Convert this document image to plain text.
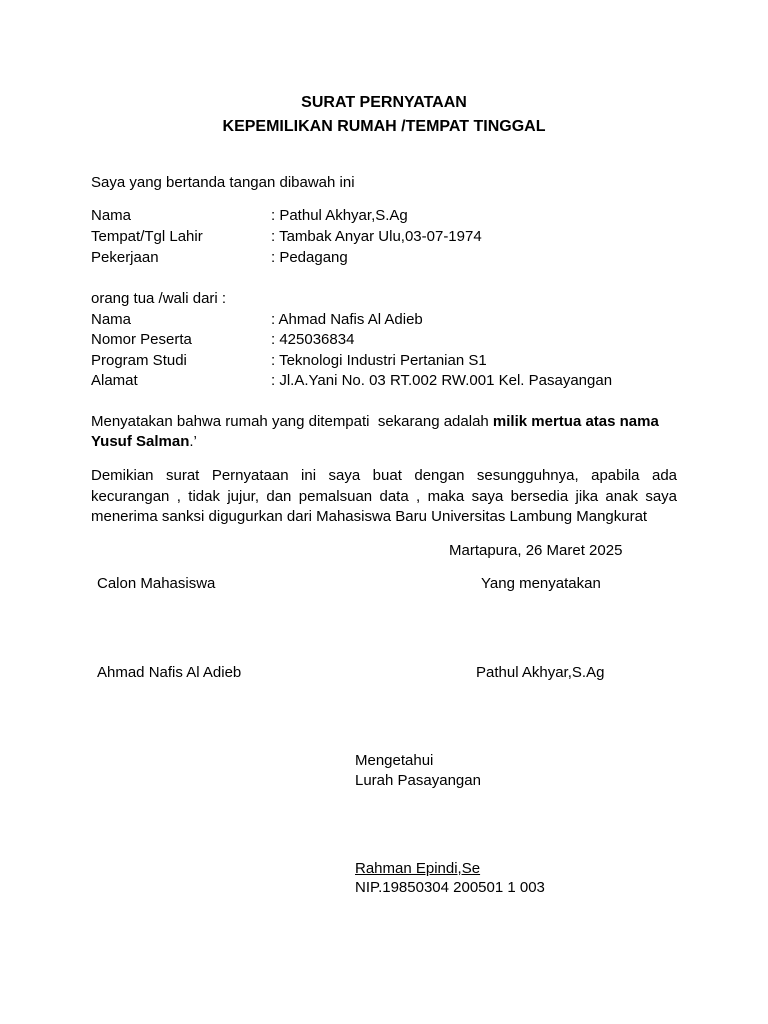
SURAT PERNYATAAN
KEPEMILIKAN RUMAH /TEMPAT TINGGAL
Saya yang bertanda tangan dibawah ini
Nama	: Pathul Akhyar,S.Ag
Tempat/Tgl Lahir	: Tambak Anyar Ulu,03-07-1974
Pekerjaan	: Pedagang
orang tua /wali dari :
Nama	: Ahmad Nafis Al Adieb
Nomor Peserta	: 425036834
Program Studi	: Teknologi Industri Pertanian S1
Alamat	: Jl.A.Yani No. 03 RT.002 RW.001 Kel. Pasayangan
Menyatakan bahwa rumah yang ditempati  sekarang adalah milik mertua atas nama
Yusuf Salman.’
Demikian surat Pernyataan ini saya buat dengan sesungguhnya, apabila ada
kecurangan , tidak jujur, dan pemalsuan data , maka saya bersedia jika anak saya
menerima sanksi digugurkan dari Mahasiswa Baru Universitas Lambung Mangkurat
Martapura, 26 Maret 2025
Calon Mahasiswa	Yang menyatakan
Ahmad Nafis Al Adieb	Pathul Akhyar,S.Ag
Mengetahui
Lurah Pasayangan
Rahman Epindi,Se
NIP.19850304 200501 1 003
